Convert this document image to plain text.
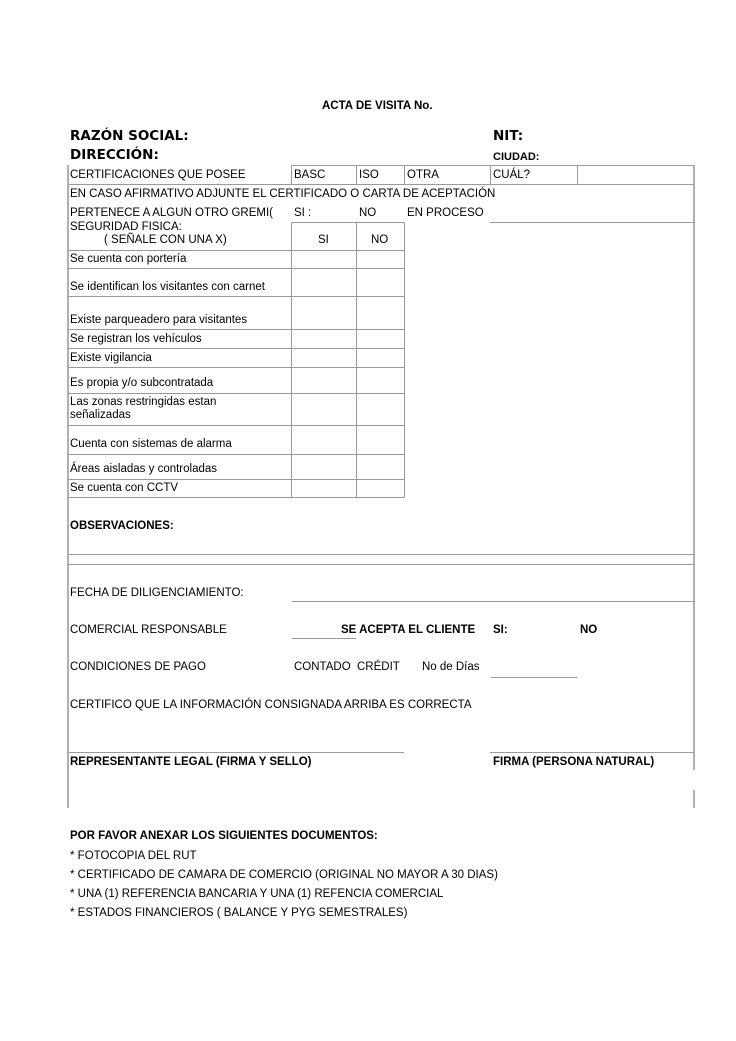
ACTA DE VISITA No.
RAZÓN SOCIAL:	NIT:
DIRECCIÓN:	CIUDAD:
CERTIFICACIONES QUE POSEE	BASC	ISO OTRA	CUÁL?
EN CASO AFIRMATIVO ADJUNTE EL CERTIFICADO O CARTA DE ACEPTACIÓN
PERTENECE A ALGÚN OTRO GREMI(	SI :	NO	EN PROCESO
SEGURIDAD FISICA:
( SEÑALE CON UNA X)	SI	NO
Se cuenta con portería
Se identifican los visitantes con carnet
Existe parqueadero para visitantes
Se registran los vehículos
Existe vigilancia
Es propia y/o subcontratada
Las zonas restringidas estan señalizadas
Cuenta con sistemas de alarma
Áreas aisladas y controladas
Se cuenta con CCTV
OBSERVACIONES:
FECHA DE DILIGENCIAMIENTO:
COMERCIAL RESPONSABLE	SE ACEPTA EL CLIENTE SI:	NO
CONDICIONES DE PAGO	CONTADO CRÉDIT No de Días
CERTIFICO QUE LA INFORMACIÓN CONSIGNADA ARRIBA ES CORRECTA
REPRESENTANTE LEGAL (FIRMA Y SELLO)	FIRMA (PERSONA NATURAL)
POR FAVOR ANEXAR LOS SIGUIENTES DOCUMENTOS:
* FOTOCOPIA DEL RUT
* CERTIFICADO DE CAMARA DE COMERCIO (ORIGINAL NO MAYOR A 30 DIAS)
* UNA (1) REFERENCIA BANCARIA Y UNA (1) REFENCIA COMERCIAL
* ESTADOS FINANCIEROS ( BALANCE Y PYG SEMESTRALES)
